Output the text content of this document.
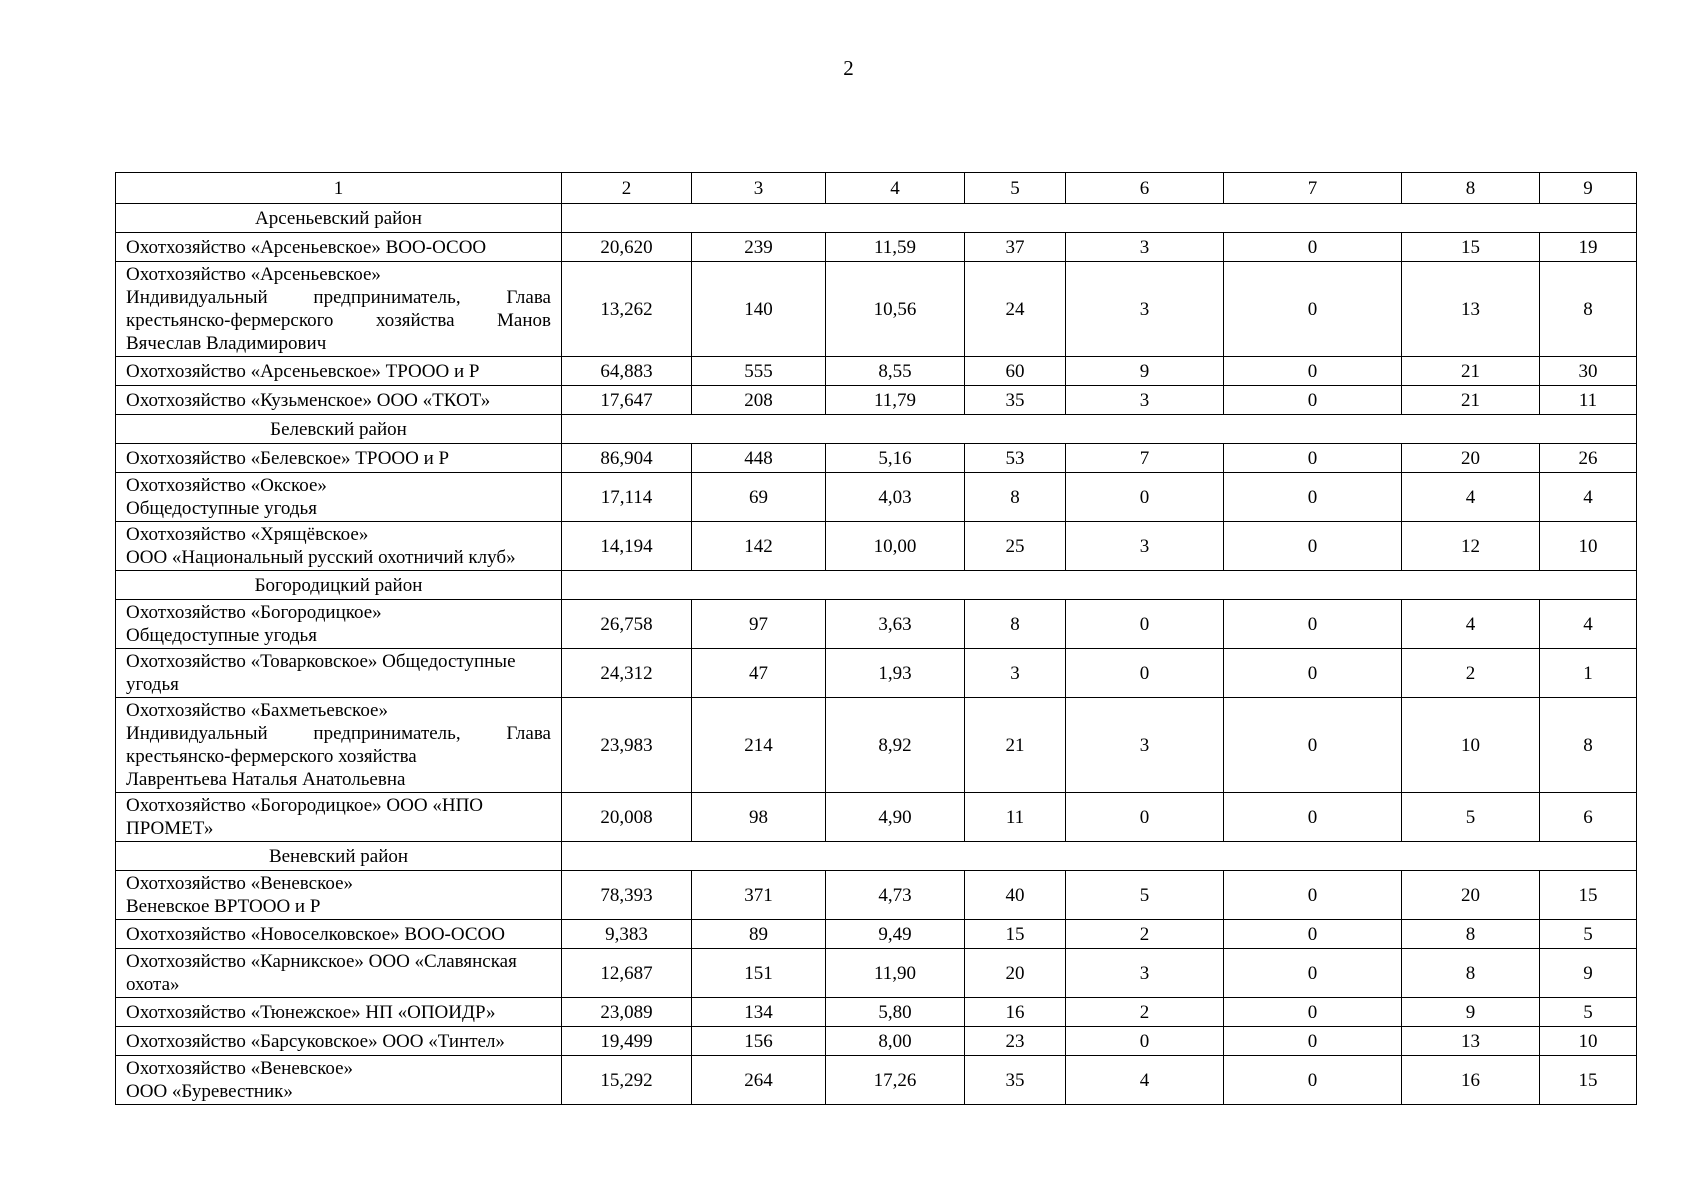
2
1	2	3	4	5	6	7	8	9
Арсеньевский район								

Охотхозяйство «Арсеньевское» ВОО-ОСОО	20,620	239	11,59	37	3	0	15	19

Охотхозяйство «Арсеньевское»
Индивидуальный предприниматель, Глава
крестьянско-фермерского хозяйства Манов
Вячеслав Владимирович	13,262	140	10,56	24	3	0	13	8

Охотхозяйство «Арсеньевское» ТРООО и Р	64,883	555	8,55	60	9	0	21	30

Охотхозяйство «Кузьменское» ООО «ТКОТ»	17,647	208	11,79	35	3	0	21	11
Белевский район								

Охотхозяйство «Белевское» ТРООО и Р	86,904	448	5,16	53	7	0	20	26

Охотхозяйство «Окское»
Общедоступные угодья	17,114	69	4,03	8	0	0	4	4

Охотхозяйство «Хрящёвское»
ООО «Национальный русский охотничий клуб»	14,194	142	10,00	25	3	0	12	10
Богородицкий район								

Охотхозяйство «Богородицкое»
Общедоступные угодья	26,758	97	3,63	8	0	0	4	4

Охотхозяйство «Товарковское» Общедоступные
угодья	24,312	47	1,93	3	0	0	2	1

Охотхозяйство «Бахметьевское»
Индивидуальный предприниматель, Глава
крестьянско-фермерского хозяйства
Лаврентьева Наталья Анатольевна	23,983	214	8,92	21	3	0	10	8

Охотхозяйство «Богородицкое» ООО «НПО
ПРОМЕТ»	20,008	98	4,90	11	0	0	5	6
Веневский район								

Охотхозяйство «Веневское»
Веневское ВРТООО и Р	78,393	371	4,73	40	5	0	20	15

Охотхозяйство «Новоселковское» ВОО-ОСОО	9,383	89	9,49	15	2	0	8	5

Охотхозяйство «Карникское» ООО «Славянская
охота»	12,687	151	11,90	20	3	0	8	9

Охотхозяйство «Тюнежское» НП «ОПОИДР»	23,089	134	5,80	16	2	0	9	5

Охотхозяйство «Барсуковское» ООО «Тинтел»	19,499	156	8,00	23	0	0	13	10

Охотхозяйство «Веневское»
ООО «Буревестник»	15,292	264	17,26	35	4	0	16	15
